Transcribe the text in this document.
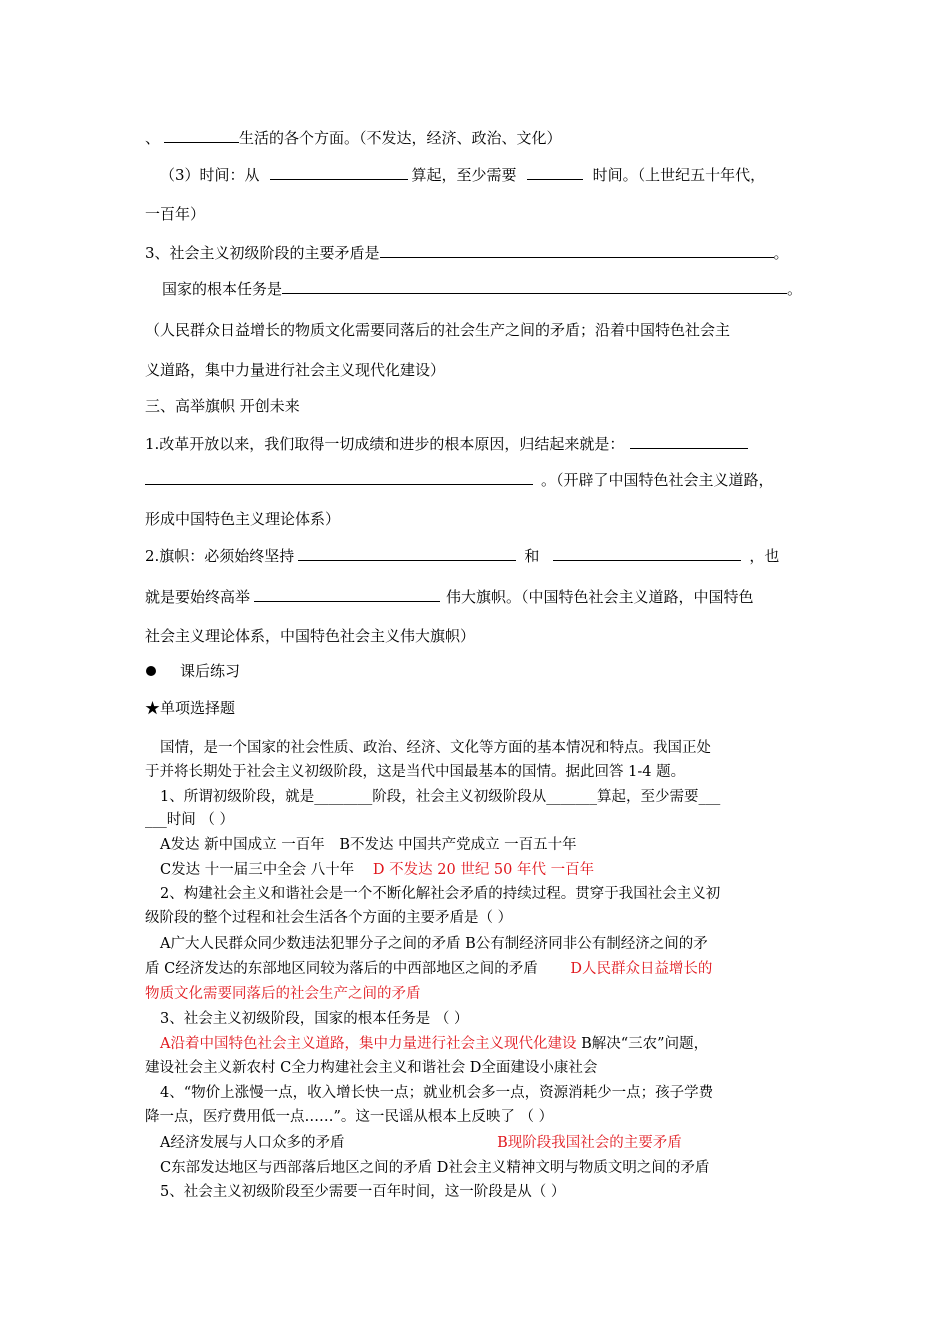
、	生活的各个方面。（不发达，经济、政治、文化）
（3）时间：从	算起，至少需要	时间。（上世纪五十年代，
一百年）
3、社会主义初级阶段的主要矛盾是	。
国家的根本任务是	。
（人民群众日益增长的物质文化需要同落后的社会生产之间的矛盾；沿着中国特色社会主
义道路，集中力量进行社会主义现代化建设）
三、高举旗帜 开创未来
1.改革开放以来，我们取得一切成绩和进步的根本原因，归结起来就是：
。（开辟了中国特色社会主义道路，
形成中国特色主义理论体系）
2.旗帜：必须始终坚持	和	，也
就是要始终高举	伟大旗帜。（中国特色社会主义道路，中国特色
社会主义理论体系，中国特色社会主义伟大旗帜）
课后练习
★单项选择题
国情，是一个国家的社会性质、政治、经济、文化等方面的基本情况和特点。我国正处
于并将长期处于社会主义初级阶段，这是当代中国最基本的国情。据此回答 1-4 题。
1、所谓初级阶段，就是________阶段，社会主义初级阶段从_______算起，至少需要___
___时间 （ ）
A发达 新中国成立 一百年 B不发达 中国共产党成立 一百五十年
C发达 十一届三中全会 八十年 D 不发达 20 世纪 50 年代 一百年
2、构建社会主义和谐社会是一个不断化解社会矛盾的持续过程。贯穿于我国社会主义初
级阶段的整个过程和社会生活各个方面的主要矛盾是（ ）
A广大人民群众同少数违法犯罪分子之间的矛盾 B公有制经济同非公有制经济之间的矛
盾 C经济发达的东部地区同较为落后的中西部地区之间的矛盾 D人民群众日益增长的
物质文化需要同落后的社会生产之间的矛盾
3、社会主义初级阶段，国家的根本任务是 （ ）
A沿着中国特色社会主义道路，集中力量进行社会主义现代化建设 B解决“三农”问题，
建设社会主义新农村 C全力构建社会主义和谐社会 D全面建设小康社会
4、“物价上涨慢一点，收入增长快一点；就业机会多一点，资源消耗少一点；孩子学费
降一点，医疗费用低一点……”。这一民谣从根本上反映了 （ ）
A经济发展与人口众多的矛盾	B现阶段我国社会的主要矛盾
C东部发达地区与西部落后地区之间的矛盾 D社会主义精神文明与物质文明之间的矛盾
5、社会主义初级阶段至少需要一百年时间，这一阶段是从（ ）
